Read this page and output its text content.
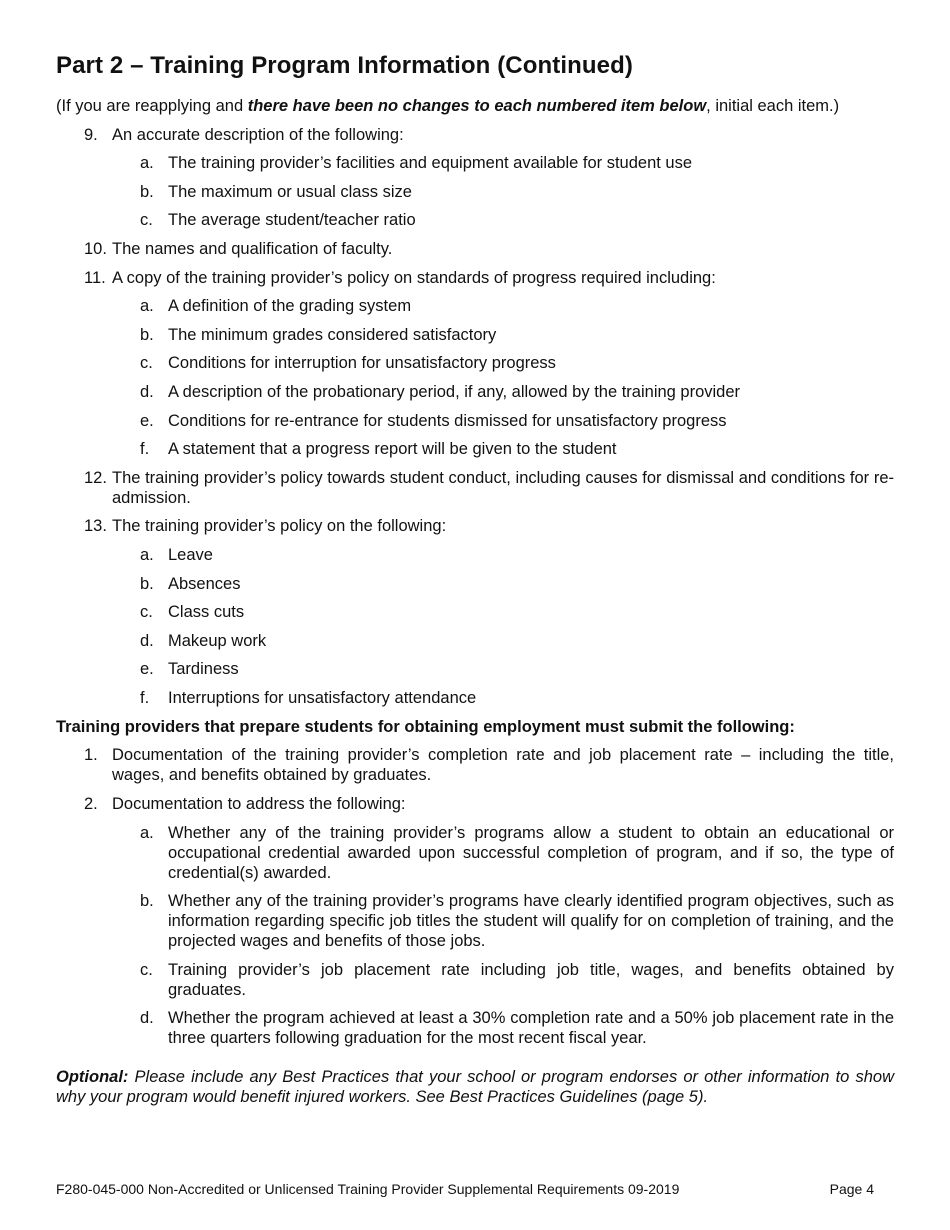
Part 2 – Training Program Information (Continued)
(If you are reapplying and there have been no changes to each numbered item below, initial each item.)
9. An accurate description of the following:
a. The training provider’s facilities and equipment available for student use
b. The maximum or usual class size
c. The average student/teacher ratio
10. The names and qualification of faculty.
11. A copy of the training provider’s policy on standards of progress required including:
a. A definition of the grading system
b. The minimum grades considered satisfactory
c. Conditions for interruption for unsatisfactory progress
d. A description of the probationary period, if any, allowed by the training provider
e. Conditions for re-entrance for students dismissed for unsatisfactory progress
f.	A statement that a progress report will be given to the student
12. The training provider’s policy towards student conduct, including causes for dismissal and conditions for re-admission.
13. The training provider’s policy on the following:
a. Leave
b. Absences
c. Class cuts
d. Makeup work
e. Tardiness
f.	Interruptions for unsatisfactory attendance
Training providers that prepare students for obtaining employment must submit the following:
1. Documentation of the training provider’s completion rate and job placement rate – including the title, wages, and benefits obtained by graduates.
2. Documentation to address the following:
a. Whether any of the training provider’s programs allow a student to obtain an educational or occupational credential awarded upon successful completion of program, and if so, the type of credential(s) awarded.
b. Whether any of the training provider’s programs have clearly identified program objectives, such as information regarding specific job titles the student will qualify for on completion of training, and the projected wages and benefits of those jobs.
c. Training provider’s job placement rate including job title, wages, and benefits obtained by graduates.
d. Whether the program achieved at least a 30% completion rate and a 50% job placement rate in the three quarters following graduation for the most recent fiscal year.
Optional: Please include any Best Practices that your school or program endorses or other information to show why your program would benefit injured workers. See Best Practices Guidelines (page 5).
F280-045-000 Non-Accredited or Unlicensed Training Provider Supplemental Requirements 09-2019	Page 4
